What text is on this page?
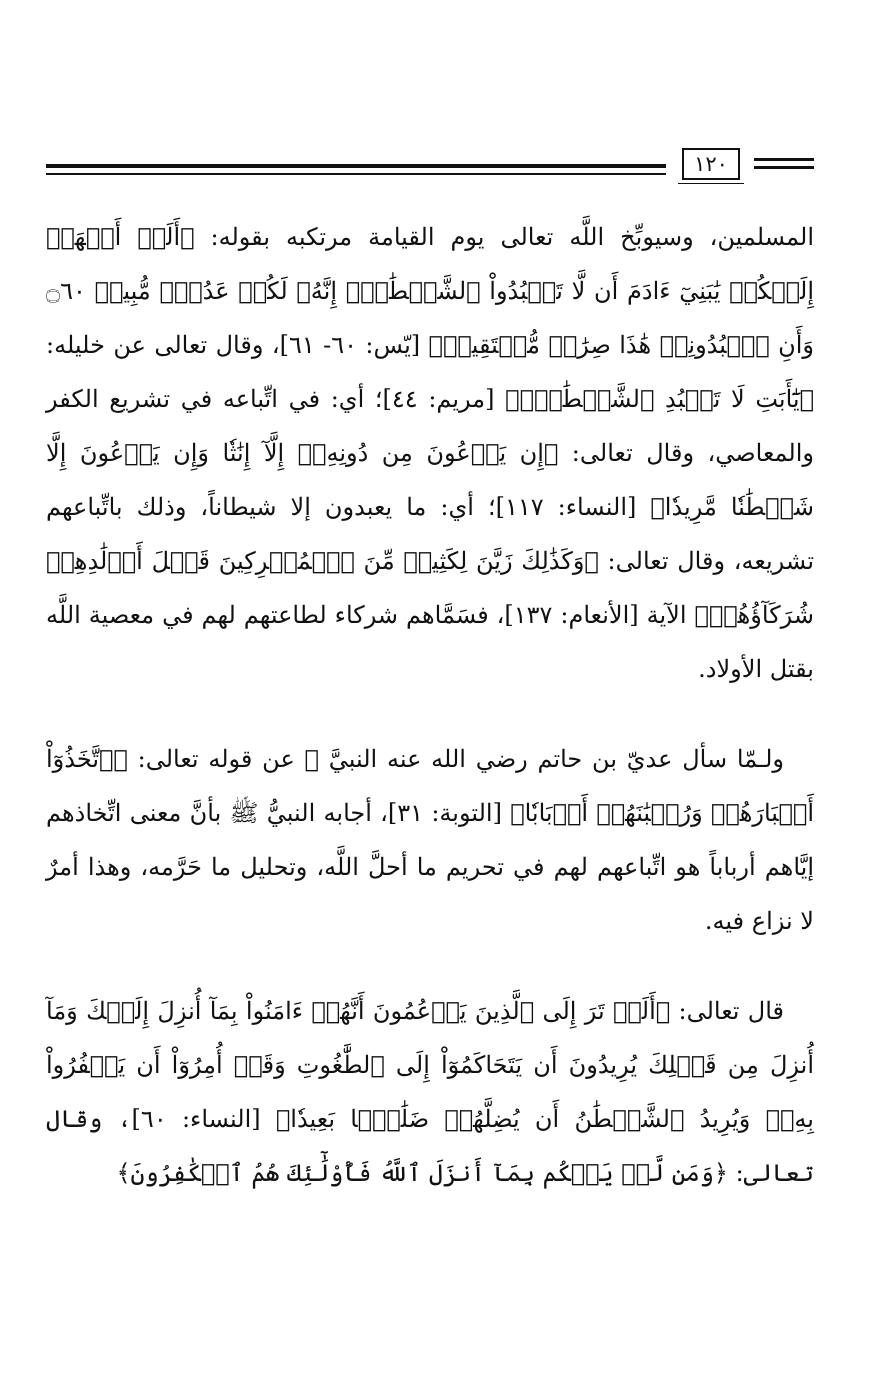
١٢٠

المسلمين، وسيوبِّخ اللَّه تعالى يوم القيامة مرتكبه بقوله: ﴿أَلَمۡ أَعۡهَدۡ إِلَيۡكُمۡ يَٰبَنِيٓ ءَادَمَ أَن لَّا تَعۡبُدُواْ ٱلشَّيۡطَٰنَۖ إِنَّهُۥ لَكُمۡ عَدُوّٞ مُّبِينٞ ۝٦٠ وَأَنِ ٱعۡبُدُونِيۚ هَٰذَا صِرَٰطٞ مُّسۡتَقِيمٞ﴾ [يّس: ٦٠- ٦١]، وقال تعالى عن خليله: ﴿يَٰٓأَبَتِ لَا تَعۡبُدِ ٱلشَّيۡطَٰنَۖ﴾ [مريم: ٤٤]؛ أي: في اتِّباعه في تشريع الكفر والمعاصي، وقال تعالى: ﴿إِن يَدۡعُونَ مِن دُونِهِۦٓ إِلَّآ إِنَٰثٗا وَإِن يَدۡعُونَ إِلَّا شَيۡطَٰنٗا مَّرِيدٗا﴾ [النساء: ١١٧]؛ أي: ما يعبدون إلا شيطاناً، وذلك باتِّباعهم تشريعه، وقال تعالى: ﴿وَكَذَٰلِكَ زَيَّنَ لِكَثِيرٖ مِّنَ ٱلۡمُشۡرِكِينَ قَتۡلَ أَوۡلَٰدِهِمۡ شُرَكَآؤُهُمۡ﴾ الآية [الأنعام: ١٣٧]، فسَمَّاهم شركاء لطاعتهم لهم في معصية اللَّه بقتل الأولاد.

ولـمّا سأل عديّ بن حاتم رضي الله عنه النبيَّ ﷺ عن قوله تعالى: ﴿ٱتَّخَذُوٓاْ أَحۡبَارَهُمۡ وَرُهۡبَٰنَهُمۡ أَرۡبَابٗا﴾ [التوبة: ٣١]، أجابه النبيُّ ﷺ بأنَّ معنى اتِّخاذهم إيَّاهم أرباباً هو اتِّباعهم لهم في تحريم ما أحلَّ اللَّه، وتحليل ما حَرَّمه، وهذا أمرٌ لا نزاع فيه.

قال تعالى: ﴿أَلَمۡ تَرَ إِلَى ٱلَّذِينَ يَزۡعُمُونَ أَنَّهُمۡ ءَامَنُواْ بِمَآ أُنزِلَ إِلَيۡكَ وَمَآ أُنزِلَ مِن قَبۡلِكَ يُرِيدُونَ أَن يَتَحَاكَمُوٓاْ إِلَى ٱلطَّٰغُوتِ وَقَدۡ أُمِرُوٓاْ أَن يَكۡفُرُواْ بِهِۦۖ وَيُرِيدُ ٱلشَّيۡطَٰنُ أَن يُضِلَّهُمۡ ضَلَٰلَۢا بَعِيدٗا﴾ [النساء: ٦٠]، وقال تعالى: ﴿وَمَن لَّمۡ يَحۡكُم بِمَآ أَنزَلَ ٱللَّهُ فَأُوْلَٰٓئِكَ هُمُ ٱلۡكَٰفِرُونَ﴾
